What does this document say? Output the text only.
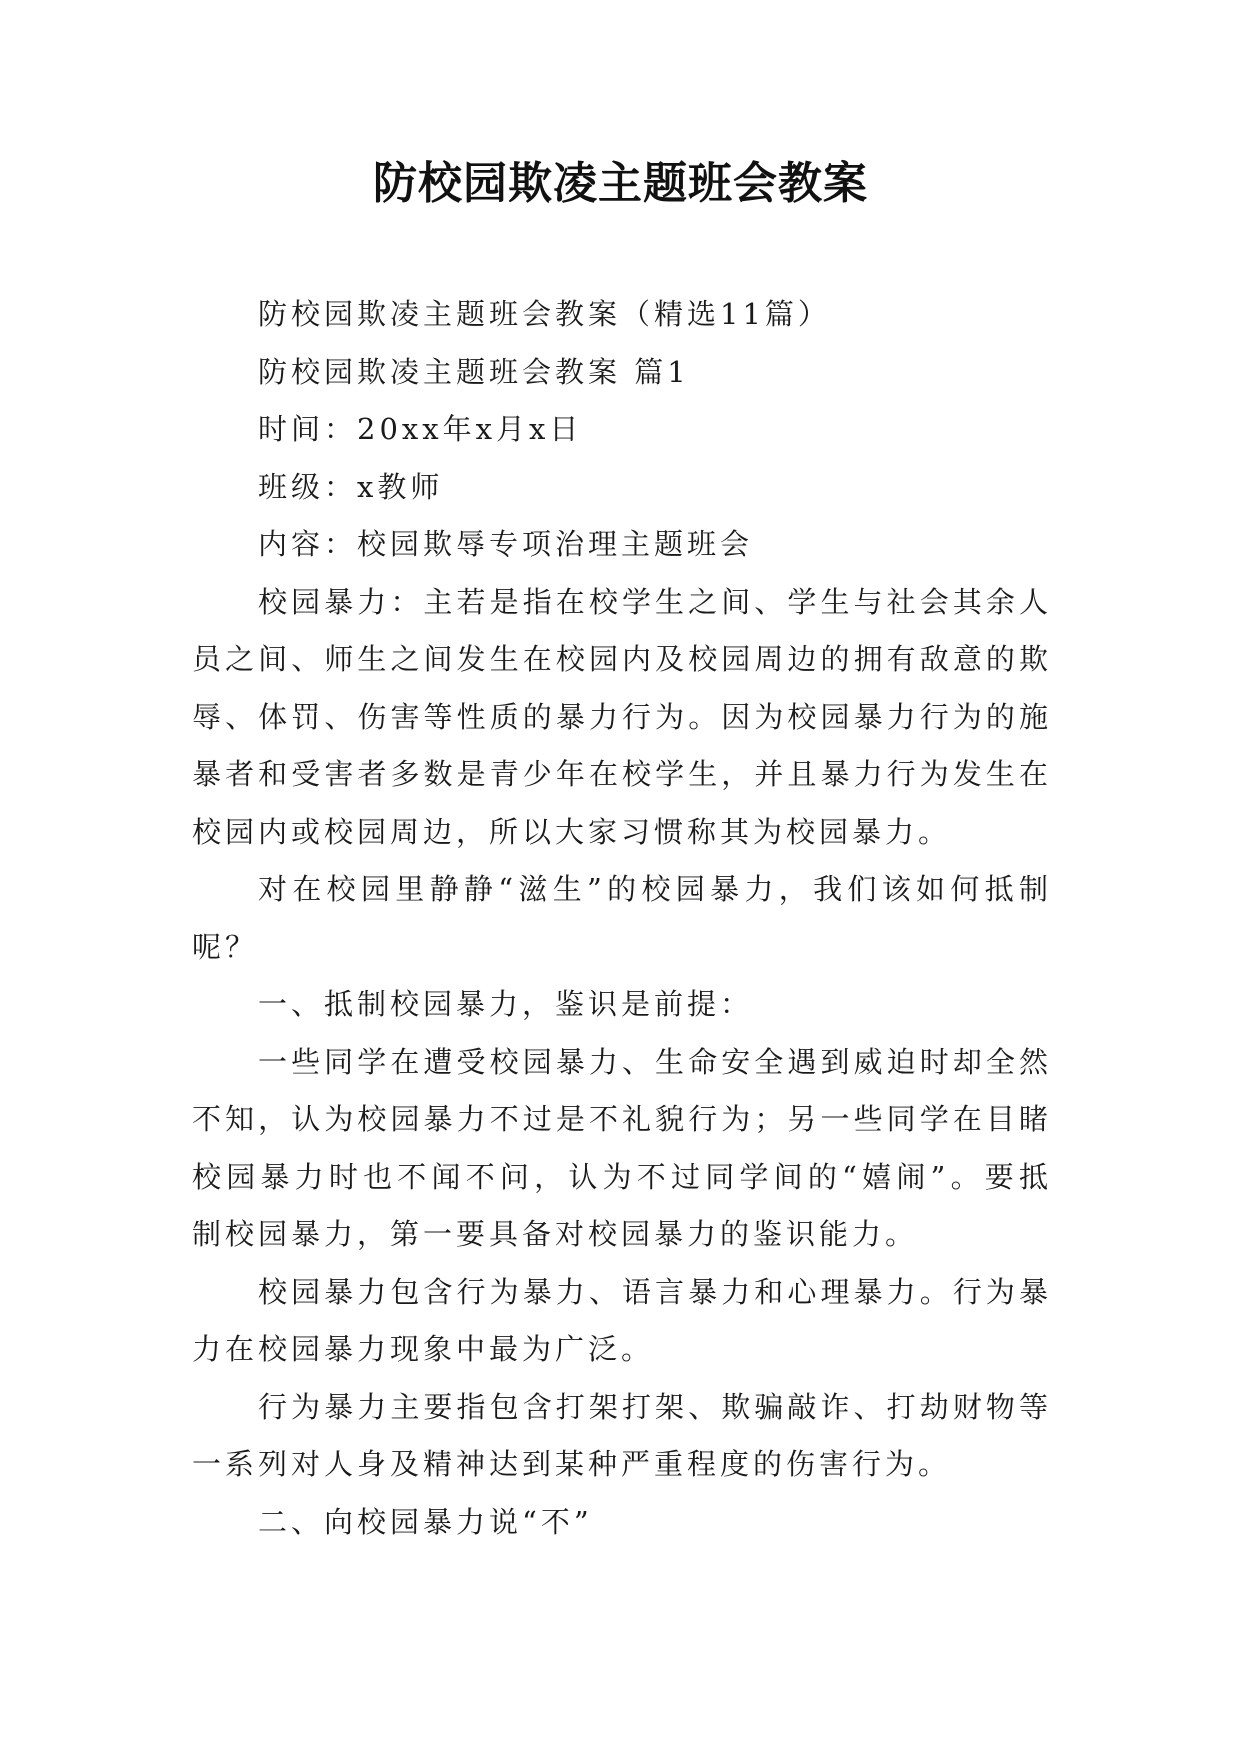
防校园欺凌主题班会教案

防校园欺凌主题班会教案（精选11篇）

防校园欺凌主题班会教案 篇1

时间：20xx年x月x日

班级：x教师

内容：校园欺辱专项治理主题班会

校园暴力：主若是指在校学生之间、学生与社会其余人员之间、师生之间发生在校园内及校园周边的拥有敌意的欺辱、体罚、伤害等性质的暴力行为。因为校园暴力行为的施暴者和受害者多数是青少年在校学生，并且暴力行为发生在校园内或校园周边，所以大家习惯称其为校园暴力。

对在校园里静静“滋生”的校园暴力，我们该如何抵制呢？

一、抵制校园暴力，鉴识是前提：

一些同学在遭受校园暴力、生命安全遇到威迫时却全然不知，认为校园暴力不过是不礼貌行为；另一些同学在目睹校园暴力时也不闻不问，认为不过同学间的“嬉闹”。要抵制校园暴力，第一要具备对校园暴力的鉴识能力。

校园暴力包含行为暴力、语言暴力和心理暴力。行为暴力在校园暴力现象中最为广泛。

行为暴力主要指包含打架打架、欺骗敲诈、打劫财物等一系列对人身及精神达到某种严重程度的伤害行为。

二、向校园暴力说“不”
